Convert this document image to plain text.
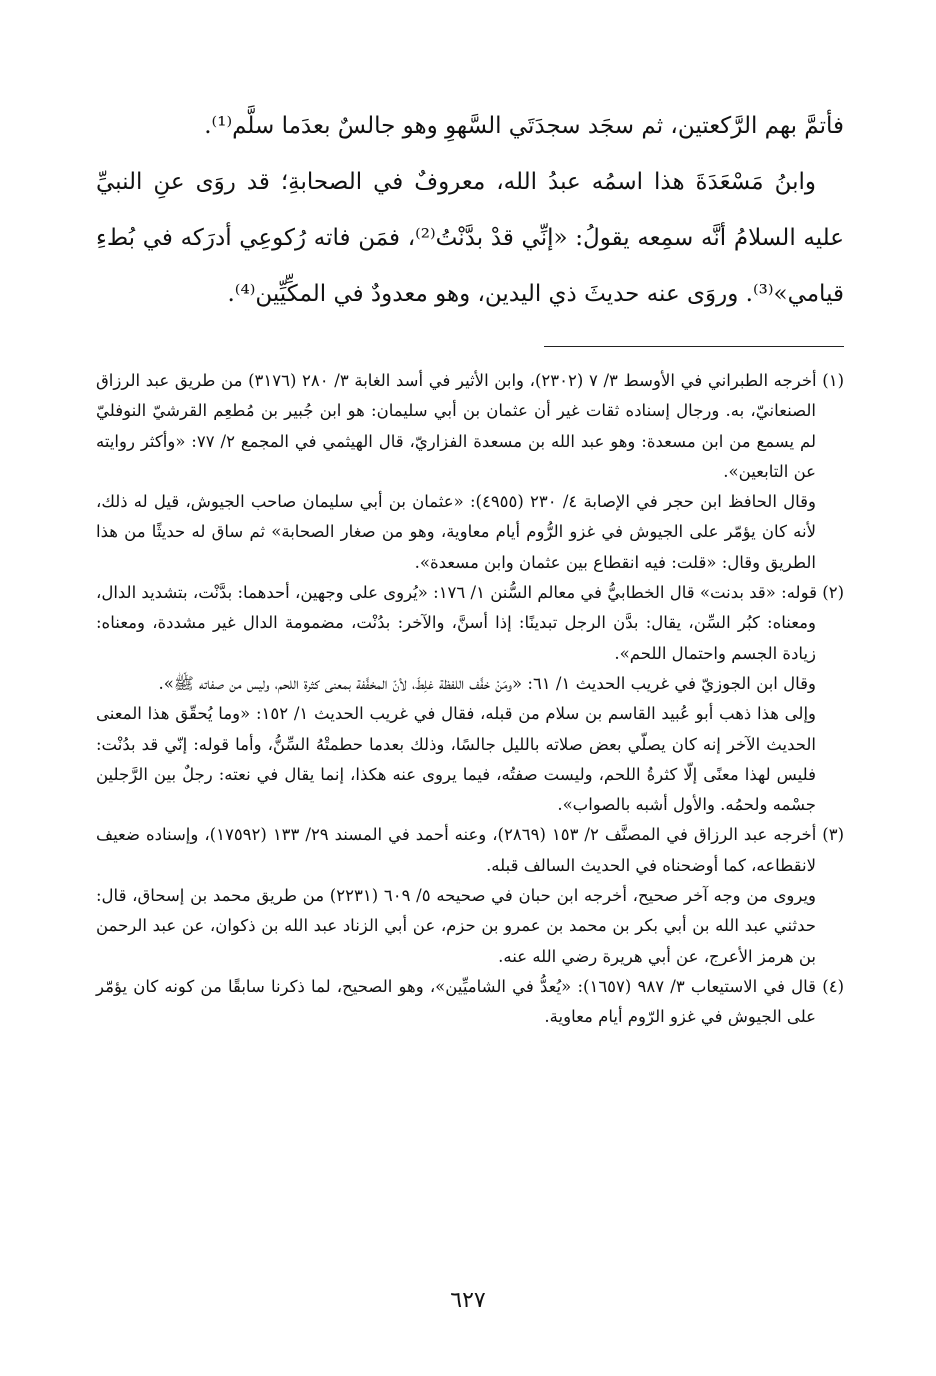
فأتمَّ بهم الرَّكعتين، ثم سجَد سجدَتَي السَّهوِ وهو جالسٌ بعدَما سلَّم⁽¹⁾.

وابنُ مَسْعَدَةَ هذا اسمُه عبدُ الله، معروفٌ في الصحابةِ؛ قد روَى عنِ النبيِّ عليه السلامُ أنَّه سمِعه يقولُ: «إنِّي قدْ بدَّنْتُ⁽²⁾، فمَن فاته رُكوعِي أدرَكه في بُطءِ قيامي»⁽³⁾. وروَى عنه حديثَ ذي اليدين، وهو معدودٌ في المكِّيِّين⁽⁴⁾.

(١) أخرجه الطبراني في الأوسط ٣/ ٧ (٢٣٠٢)، وابن الأثير في أسد الغابة ٣/ ٢٨٠ (٣١٧٦) من طريق عبد الرزاق الصنعانيّ، به. ورجال إسناده ثقات غير أن عثمان بن أبي سليمان: هو ابن جُبير بن مُطعِم القرشيّ النوفليّ لم يسمع من ابن مسعدة: وهو عبد الله بن مسعدة الفزاريّ، قال الهيثمي في المجمع ٢/ ٧٧: «وأكثر روايته عن التابعين».

وقال الحافظ ابن حجر في الإصابة ٤/ ٢٣٠ (٤٩٥٥): «عثمان بن أبي سليمان صاحب الجيوش، قيل له ذلك، لأنه كان يؤمّر على الجيوش في غزو الرُّوم أيام معاوية، وهو من صغار الصحابة» ثم ساق له حديثًا من هذا الطريق وقال: «قلت: فيه انقطاع بين عثمان وابن مسعدة».

(٢) قوله: «قد بدنت» قال الخطابيُّ في معالم السُّنن ١/ ١٧٦: «يُروى على وجهين، أحدهما: بدَّنْت، بتشديد الدال، ومعناه: كبُر السِّن، يقال: بدَّن الرجل تبدينًا: إذا أسنَّ، والآخر: بدُنْت، مضمومة الدال غير مشددة، ومعناه: زيادة الجسم واحتمال اللحم».

وقال ابن الجوزيّ في غريب الحديث ١/ ٦١: «ومَنْ خفَّف اللفظة غلِطَ، لأنّ المخفَّفة بمعنى كثرة اللحم، وليس من صفاته ﷺ».

وإلى هذا ذهب أبو عُبيد القاسم بن سلام من قبله، فقال في غريب الحديث ١/ ١٥٢: «وما يُحقّق هذا المعنى الحديث الآخر إنه كان يصلّي بعض صلاته بالليل جالسًا، وذلك بعدما حطمتْهُ السِّنُّ، وأما قوله: إنّي قد بدُنْت: فليس لهذا معنًى إلّا كثرةُ اللحم، وليست صفتُه، فيما يروى عنه هكذا، إنما يقال في نعته: رجلٌ بين الرَّجلين جسْمه ولحمُه. والأول أشبه بالصواب».

(٣) أخرجه عبد الرزاق في المصنَّف ٢/ ١٥٣ (٢٨٦٩)، وعنه أحمد في المسند ٢٩/ ١٣٣ (١٧٥٩٢)، وإسناده ضعيف لانقطاعه، كما أوضحناه في الحديث السالف قبله.

ويروى من وجه آخر صحيح، أخرجه ابن حبان في صحيحه ٥/ ٦٠٩ (٢٢٣١) من طريق محمد بن إسحاق، قال: حدثني عبد الله بن أبي بكر بن محمد بن عمرو بن حزم، عن أبي الزناد عبد الله بن ذكوان، عن عبد الرحمن بن هرمز الأعرج، عن أبي هريرة رضي الله عنه.

(٤) قال في الاستيعاب ٣/ ٩٨٧ (١٦٥٧): «يُعدُّ في الشاميِّين»، وهو الصحيح، لما ذكرنا سابقًا من كونه كان يؤمّر على الجيوش في غزو الرّوم أيام معاوية.

٦٢٧
